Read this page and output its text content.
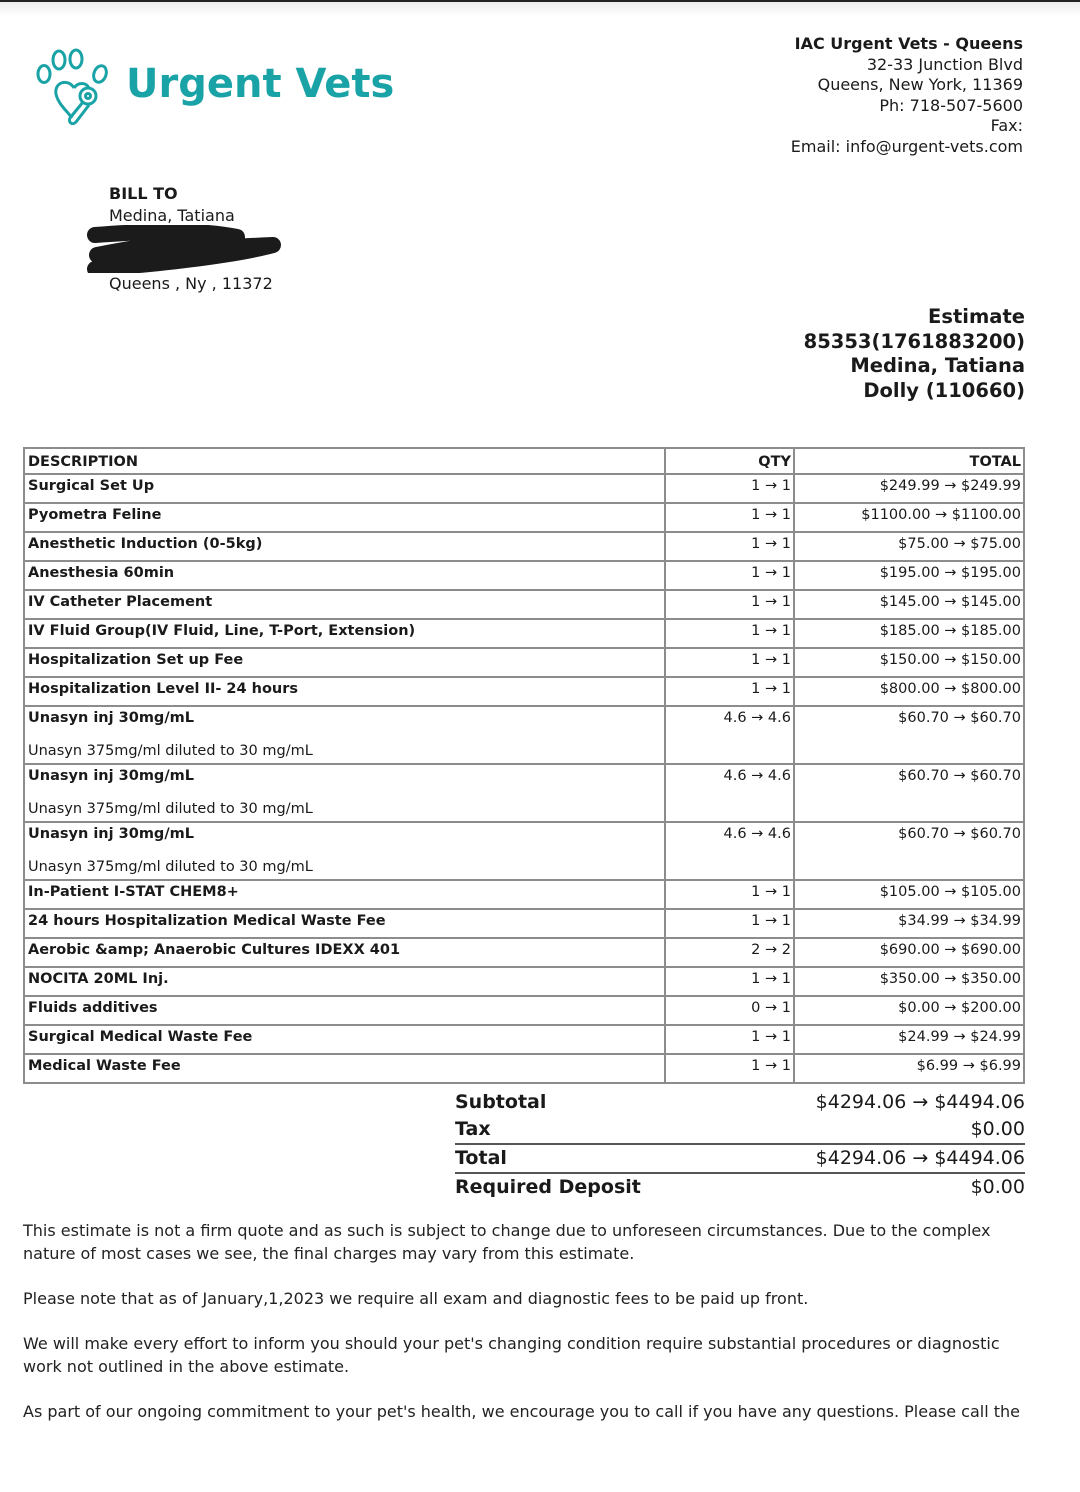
Urgent Vets
IAC Urgent Vets - Queens
32-33 Junction Blvd
Queens, New York, 11369
Ph: 718-507-5600
Fax:
Email: info@urgent-vets.com
BILL TO
Medina, Tatiana
4
Jackson Hts
Queens , Ny , 11372
Estimate
85353(1761883200)
Medina, Tatiana
Dolly (110660)
DESCRIPTION	QTY	TOTAL
Surgical Set Up	1 → 1	$249.99 → $249.99
Pyometra Feline	1 → 1	$1100.00 → $1100.00
Anesthetic Induction (0-5kg)	1 → 1	$75.00 → $75.00
Anesthesia 60min	1 → 1	$195.00 → $195.00
IV Catheter Placement	1 → 1	$145.00 → $145.00
IV Fluid Group(IV Fluid, Line, T-Port, Extension)	1 → 1	$185.00 → $185.00
Hospitalization Set up Fee	1 → 1	$150.00 → $150.00
Hospitalization Level II- 24 hours	1 → 1	$800.00 → $800.00
Unasyn inj 30mg/mL
Unasyn 375mg/ml diluted to 30 mg/mL	4.6 → 4.6	$60.70 → $60.70
Unasyn inj 30mg/mL
Unasyn 375mg/ml diluted to 30 mg/mL	4.6 → 4.6	$60.70 → $60.70
Unasyn inj 30mg/mL
Unasyn 375mg/ml diluted to 30 mg/mL	4.6 → 4.6	$60.70 → $60.70
In-Patient I-STAT CHEM8+	1 → 1	$105.00 → $105.00
24 hours Hospitalization Medical Waste Fee	1 → 1	$34.99 → $34.99
Aerobic &amp; Anaerobic Cultures IDEXX 401	2 → 2	$690.00 → $690.00
NOCITA 20ML Inj.	1 → 1	$350.00 → $350.00
Fluids additives	0 → 1	$0.00 → $200.00
Surgical Medical Waste Fee	1 → 1	$24.99 → $24.99
Medical Waste Fee	1 → 1	$6.99 → $6.99
Subtotal	$4294.06 → $4494.06
Tax	$0.00
Total	$4294.06 → $4494.06
Required Deposit	$0.00

This estimate is not a firm quote and as such is subject to change due to unforeseen circumstances. Due to the complex nature of most cases we see, the final charges may vary from this estimate.

Please note that as of January,1,2023 we require all exam and diagnostic fees to be paid up front.

We will make every effort to inform you should your pet's changing condition require substantial procedures or diagnostic work not outlined in the above estimate.

As part of our ongoing commitment to your pet's health, we encourage you to call if you have any questions. Please call the
